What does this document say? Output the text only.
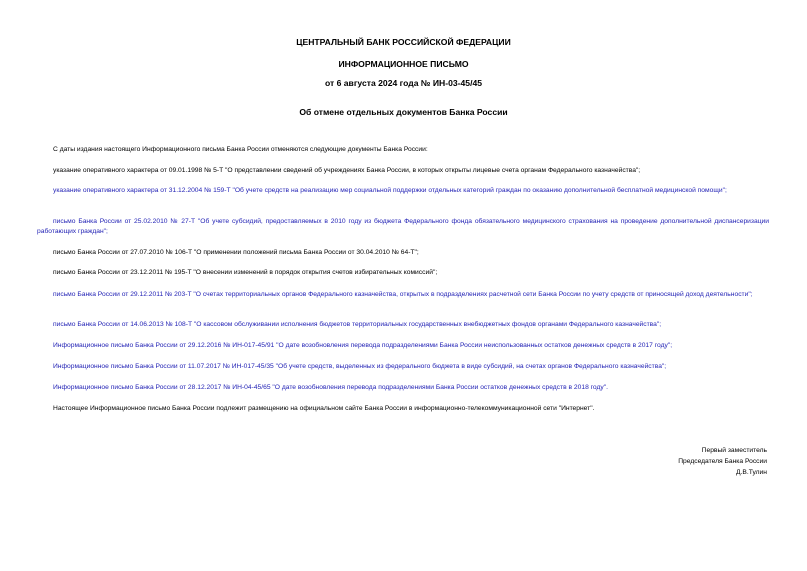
ЦЕНТРАЛЬНЫЙ БАНК РОССИЙСКОЙ ФЕДЕРАЦИИ
ИНФОРМАЦИОННОЕ ПИСЬМО
от 6 августа 2024 года № ИН-03-45/45
Об отмене отдельных документов Банка России
С даты издания настоящего Информационного письма Банка России отменяются следующие документы Банка России:
указание оперативного характера от 09.01.1998 № 5-Т "О представлении сведений об учреждениях Банка России, в которых открыты лицевые счета органам Федерального казначейства";
указание оперативного характера от 31.12.2004 № 159-Т "Об учете средств на реализацию мер социальной поддержки отдельных категорий граждан по оказанию дополнительной бесплатной медицинской помощи";
письмо Банка России от 25.02.2010 № 27-Т "Об учете субсидий, предоставляемых в 2010 году из бюджета Федерального фонда обязательного медицинского страхования на проведение дополнительной диспансеризации работающих граждан";
письмо Банка России от 27.07.2010 № 106-Т "О применении положений письма Банка России от 30.04.2010 № 64-Т";
письмо Банка России от 23.12.2011 № 195-Т "О внесении изменений в порядок открытия счетов избирательных комиссий";
письмо Банка России от 29.12.2011 № 203-Т "О счетах территориальных органов Федерального казначейства, открытых в подразделениях расчетной сети Банка России по учету средств от приносящей доход деятельности";
письмо Банка России от 14.06.2013 № 108-Т "О кассовом обслуживании исполнения бюджетов территориальных государственных внебюджетных фондов органами Федерального казначейства";
Информационное письмо Банка России от 29.12.2016 № ИН-017-45/91 "О дате возобновления перевода подразделениями Банка России неиспользованных остатков денежных средств в 2017 году";
Информационное письмо Банка России от 11.07.2017 № ИН-017-45/35 "Об учете средств, выделенных из федерального бюджета в виде субсидий, на счетах органов Федерального казначейства";
Информационное письмо Банка России от 28.12.2017 № ИН-04-45/65 "О дате возобновления перевода подразделениями Банка России остатков денежных средств в 2018 году".
Настоящее Информационное письмо Банка России подлежит размещению на официальном сайте Банка России в информационно-телекоммуникационной сети "Интернет".
Первый заместитель
Председателя Банка России
Д.В.Тулин
